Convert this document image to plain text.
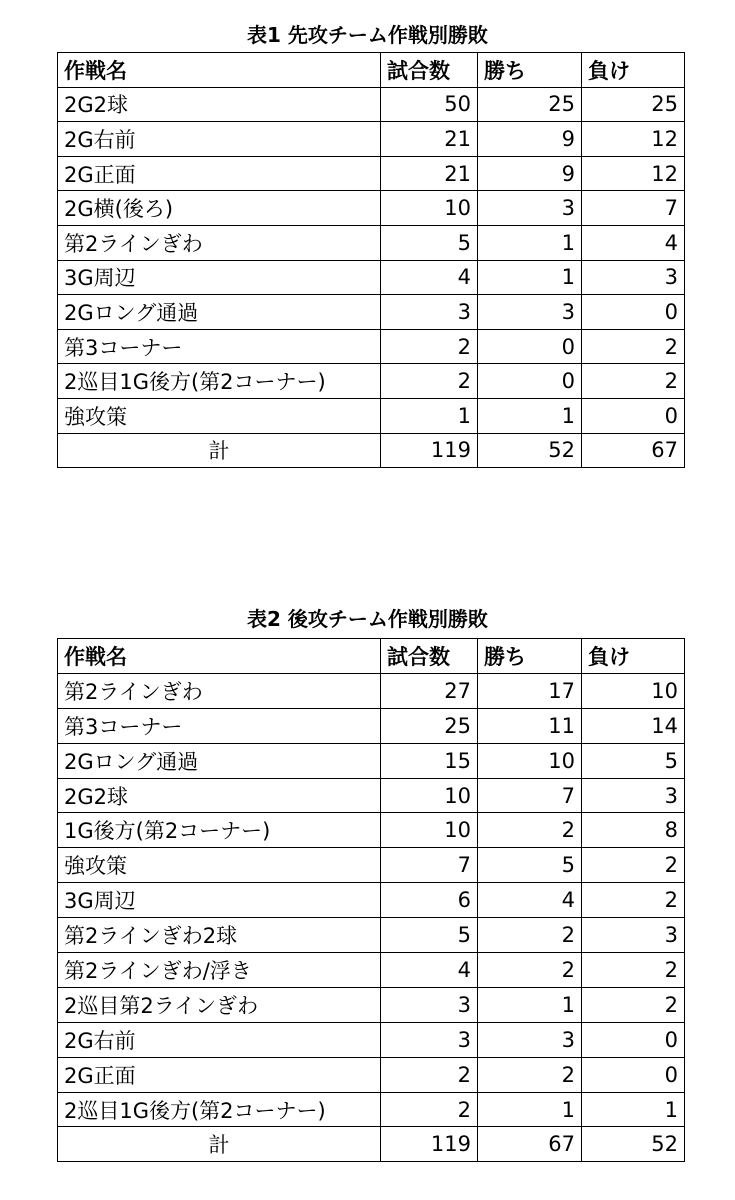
表1 先攻チーム作戦別勝敗
作戦名	試合数	勝ち	負け
2G2球	50	25	25
2G右前	21	9	12
2G正面	21	9	12
2G横(後ろ)	10	3	7
第2ラインぎわ	5	1	4
3G周辺	4	1	3
2Gロング通過	3	3	0
第3コーナー	2	0	2
2巡目1G後方(第2コーナー)	2	0	2
強攻策	1	1	0
計	119	52	67
表2 後攻チーム作戦別勝敗
作戦名	試合数	勝ち	負け
第2ラインぎわ	27	17	10
第3コーナー	25	11	14
2Gロング通過	15	10	5
2G2球	10	7	3
1G後方(第2コーナー)	10	2	8
強攻策	7	5	2
3G周辺	6	4	2
第2ラインぎわ2球	5	2	3
第2ラインぎわ/浮き	4	2	2
2巡目第2ラインぎわ	3	1	2
2G右前	3	3	0
2G正面	2	2	0
2巡目1G後方(第2コーナー)	2	1	1
計	119	67	52
